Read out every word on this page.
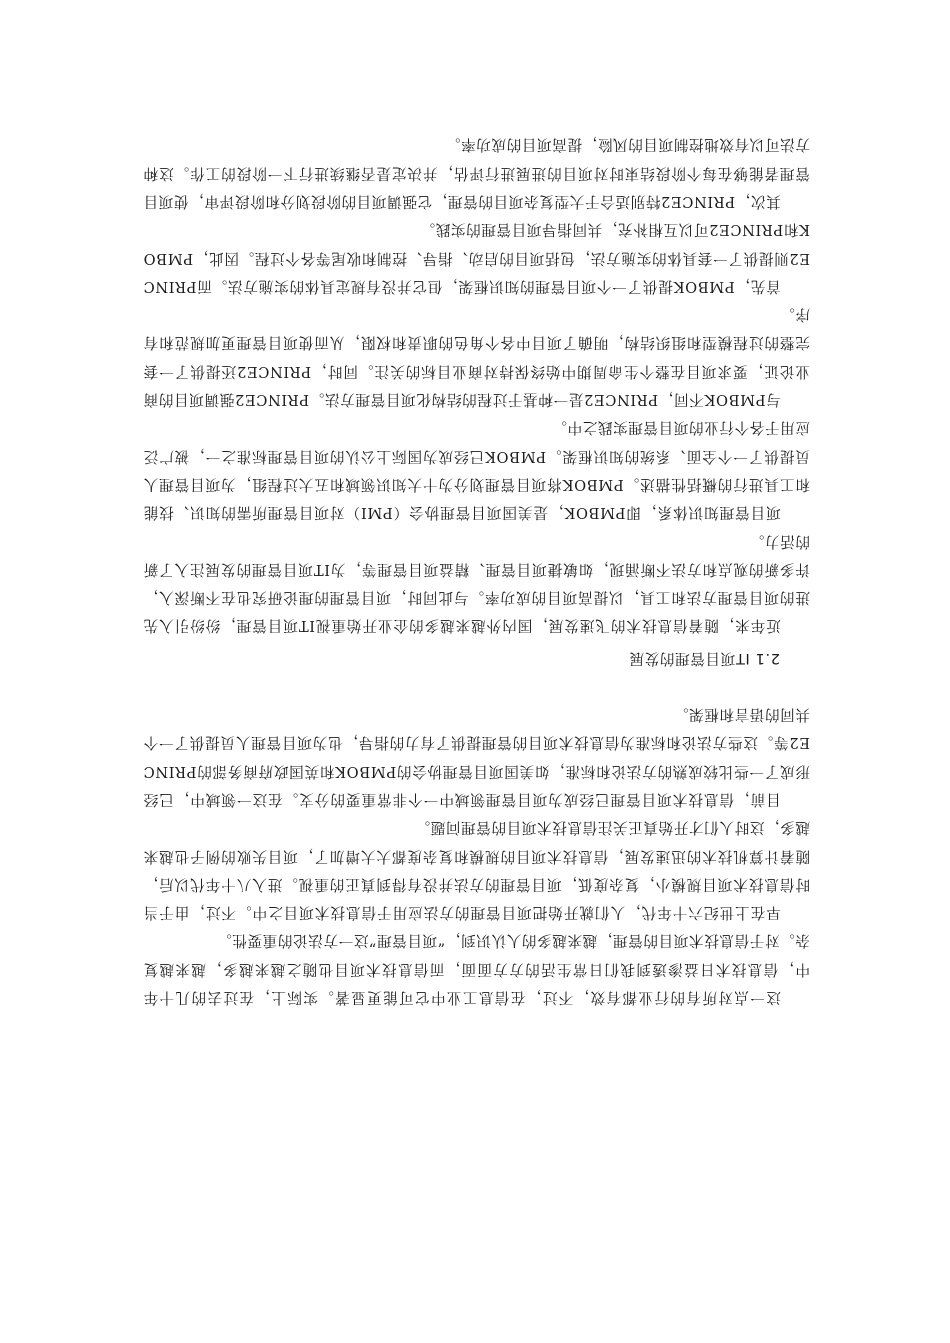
这一点对所有的行业都有效，不过，在信息工业中它可能更显著。实际上，在过去的几十年中，信息技术日益渗透到我们日常生活的方方面面，而信息技术项目也随之越来越多，越来越复杂。对于信息技术项目的管理，越来越多的人认识到，“项目管理”这一方法论的重要性。

早在上世纪六十年代，人们就开始把项目管理的方法应用于信息技术项目之中。不过，由于当时信息技术项目规模小，复杂度低，项目管理的方法并没有得到真正的重视。进入八十年代以后，随着计算机技术的迅速发展，信息技术项目的规模和复杂度都大大增加了，项目失败的例子也越来越多，这时人们才开始真正关注信息技术项目的管理问题。

目前，信息技术项目管理已经成为项目管理领域中一个非常重要的分支。在这一领域中，已经形成了一些比较成熟的方法论和标准，如美国项目管理协会的PMBOK和英国政府商务部的PRINCE2等。这些方法论和标准为信息技术项目的管理提供了有力的指导，也为项目管理人员提供了一个共同的语言和框架。

2.1 IT项目管理的发展

近年来，随着信息技术的飞速发展，国内外越来越多的企业开始重视IT项目管理，纷纷引入先进的项目管理方法和工具，以提高项目的成功率。与此同时，项目管理的理论研究也在不断深入，许多新的观点和方法不断涌现，如敏捷项目管理、精益项目管理等，为IT项目管理的发展注入了新的活力。

项目管理知识体系，即PMBOK，是美国项目管理协会（PMI）对项目管理所需的知识、技能和工具进行的概括性描述。PMBOK将项目管理划分为十大知识领域和五大过程组，为项目管理人员提供了一个全面、系统的知识框架。PMBOK已经成为国际上公认的项目管理标准之一，被广泛应用于各个行业的项目管理实践之中。

与PMBOK不同，PRINCE2是一种基于过程的结构化项目管理方法。PRINCE2强调项目的商业论证，要求项目在整个生命周期中始终保持对商业目标的关注。同时，PRINCE2还提供了一套完整的过程模型和组织结构，明确了项目中各个角色的职责和权限，从而使项目管理更加规范和有序。

首先，PMBOK提供了一个项目管理的知识框架，但它并没有规定具体的实施方法。而PRINCE2则提供了一套具体的实施方法，包括项目的启动、指导、控制和收尾等各个过程。因此，PMBOK和PRINCE2可以互相补充，共同指导项目管理的实践。

其次，PRINCE2特别适合于大型复杂项目的管理，它强调项目的阶段划分和阶段评审，使项目管理者能够在每个阶段结束时对项目的进展进行评估，并决定是否继续进行下一阶段的工作。这种方法可以有效地控制项目的风险，提高项目的成功率。
